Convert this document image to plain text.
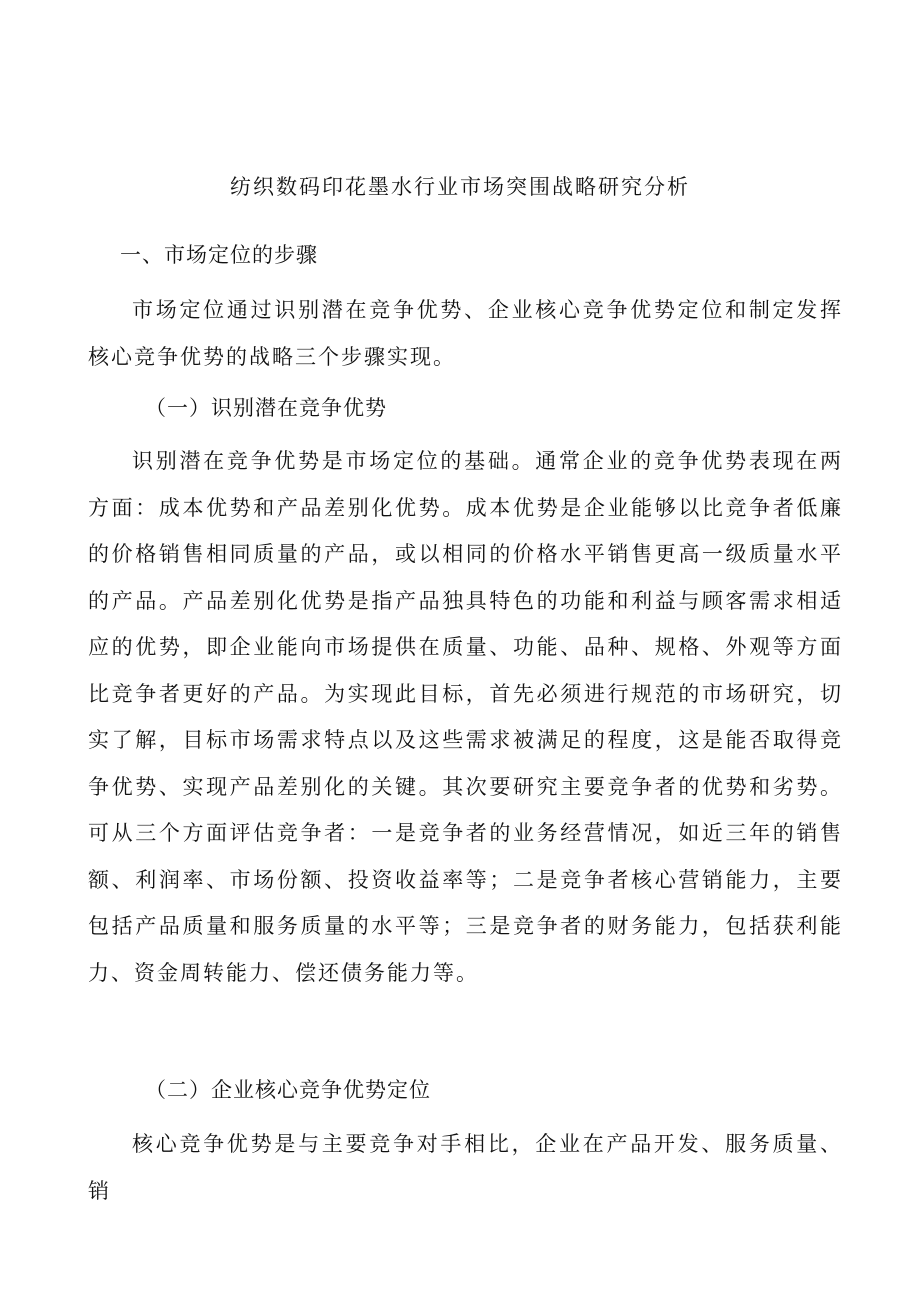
纺织数码印花墨水行业市场突围战略研究分析
一、市场定位的步骤

市场定位通过识别潜在竞争优势、企业核心竞争优势定位和制定发挥核心竞争优势的战略三个步骤实现。

（一）识别潜在竞争优势

识别潜在竞争优势是市场定位的基础。通常企业的竞争优势表现在两方面：成本优势和产品差别化优势。成本优势是企业能够以比竞争者低廉的价格销售相同质量的产品，或以相同的价格水平销售更高一级质量水平的产品。产品差别化优势是指产品独具特色的功能和利益与顾客需求相适应的优势，即企业能向市场提供在质量、功能、品种、规格、外观等方面比竞争者更好的产品。为实现此目标，首先必须进行规范的市场研究，切实了解，目标市场需求特点以及这些需求被满足的程度，这是能否取得竞争优势、实现产品差别化的关键。其次要研究主要竞争者的优势和劣势。可从三个方面评估竞争者：一是竞争者的业务经营情况，如近三年的销售额、利润率、市场份额、投资收益率等；二是竞争者核心营销能力，主要包括产品质量和服务质量的水平等；三是竞争者的财务能力，包括获利能力、资金周转能力、偿还债务能力等。

（二）企业核心竞争优势定位

核心竞争优势是与主要竞争对手相比，企业在产品开发、服务质量、销
